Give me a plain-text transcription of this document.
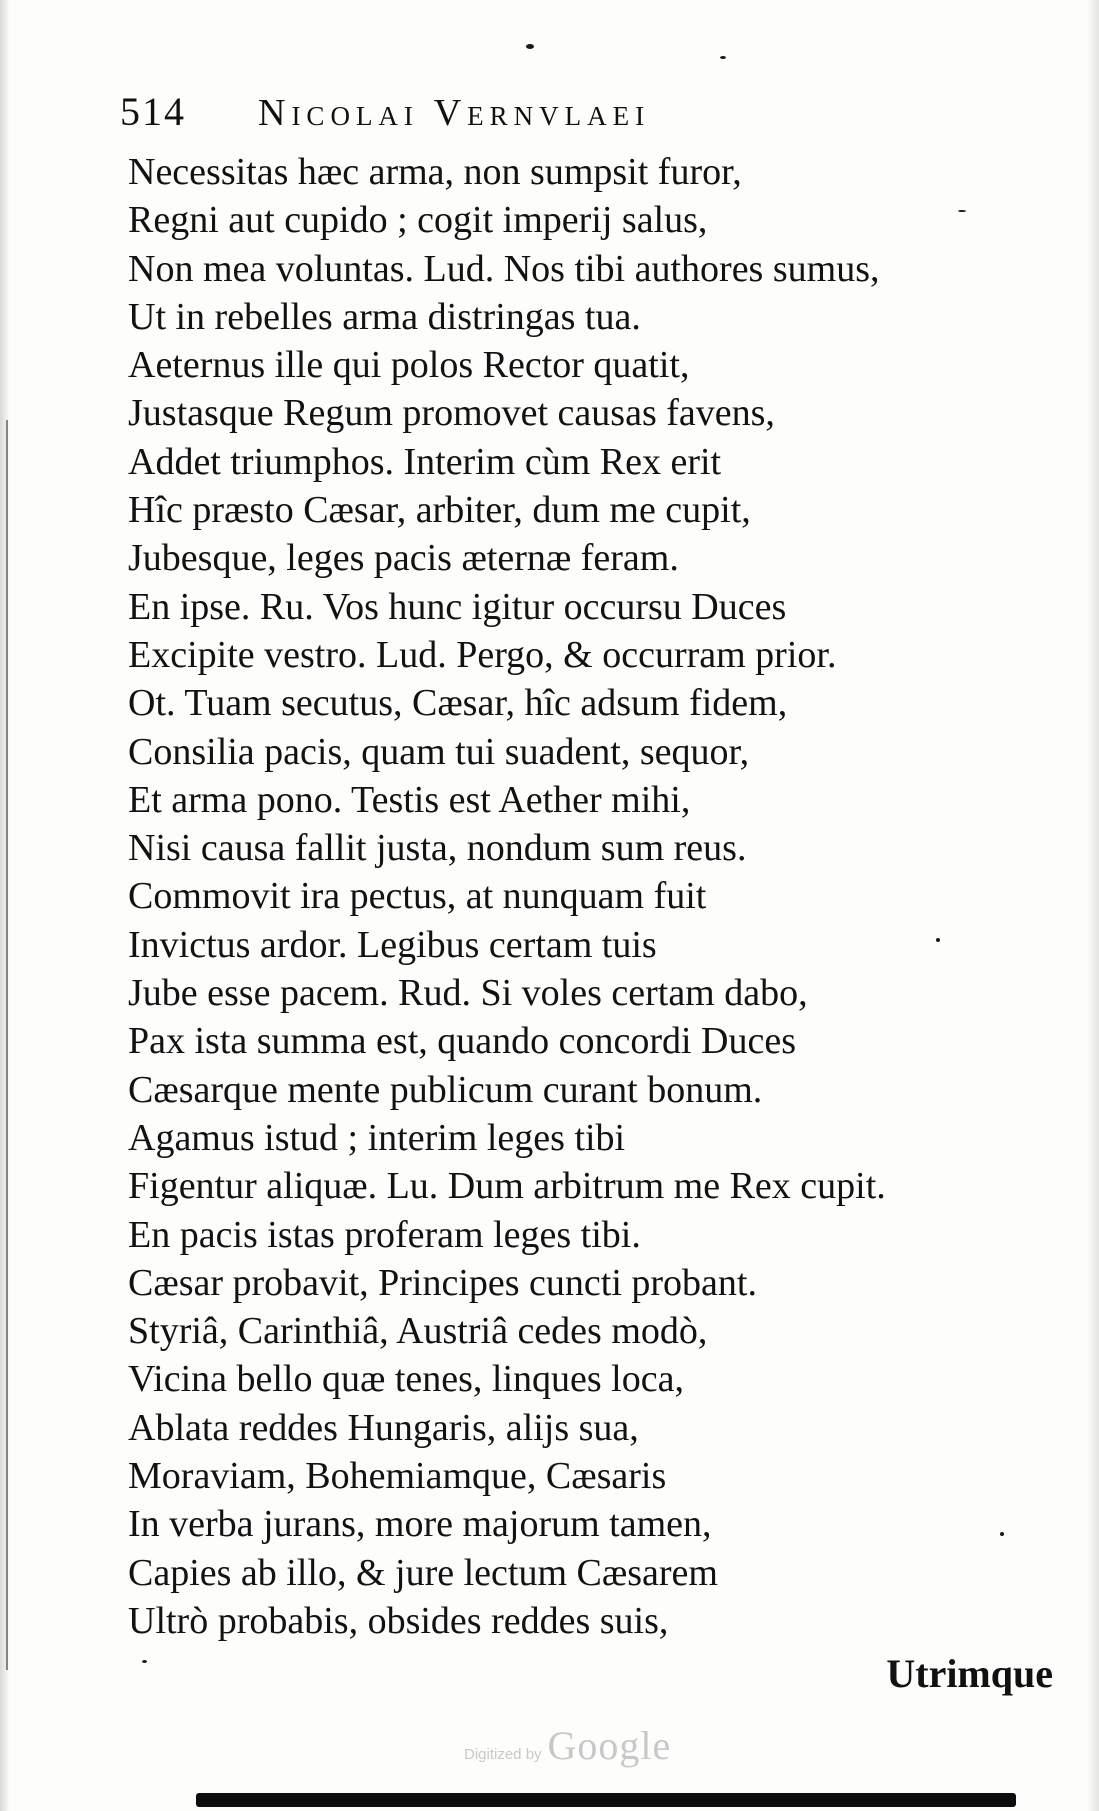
514 Nicolai Vernvlaei
Necessitas hæc arma, non sumpsit furor,
Regni aut cupido ; cogit imperij salus,
Non mea voluntas. Lud. Nos tibi authores sumus,
Ut in rebelles arma distringas tua.
Aeternus ille qui polos Rector quatit,
Justasque Regum promovet causas favens,
Addet triumphos. Interim cùm Rex erit
Hîc præsto Cæsar, arbiter, dum me cupit,
Jubesque, leges pacis æternæ feram.
En ipse. Ru. Vos hunc igitur occursu Duces
Excipite vestro. Lud. Pergo, & occurram prior.
Ot. Tuam secutus, Cæsar, hîc adsum fidem,
Consilia pacis, quam tui suadent, sequor,
Et arma pono. Testis est Aether mihi,
Nisi causa fallit justa, nondum sum reus.
Commovit ira pectus, at nunquam fuit
Invictus ardor. Legibus certam tuis
Jube esse pacem. Rud. Si voles certam dabo,
Pax ista summa est, quando concordi Duces
Cæsarque mente publicum curant bonum.
Agamus istud ; interim leges tibi
Figentur aliquæ. Lu. Dum arbitrum me Rex cupit.
En pacis istas proferam leges tibi.
Cæsar probavit, Principes cuncti probant.
Styriâ, Carinthiâ, Austriâ cedes modò,
Vicina bello quæ tenes, linques loca,
Ablata reddes Hungaris, alijs sua,
Moraviam, Bohemiamque, Cæsaris
In verba jurans, more majorum tamen,
Capies ab illo, & jure lectum Cæsarem
Ultrò probabis, obsides reddes suis,
Utrimque
Digitized by Google
